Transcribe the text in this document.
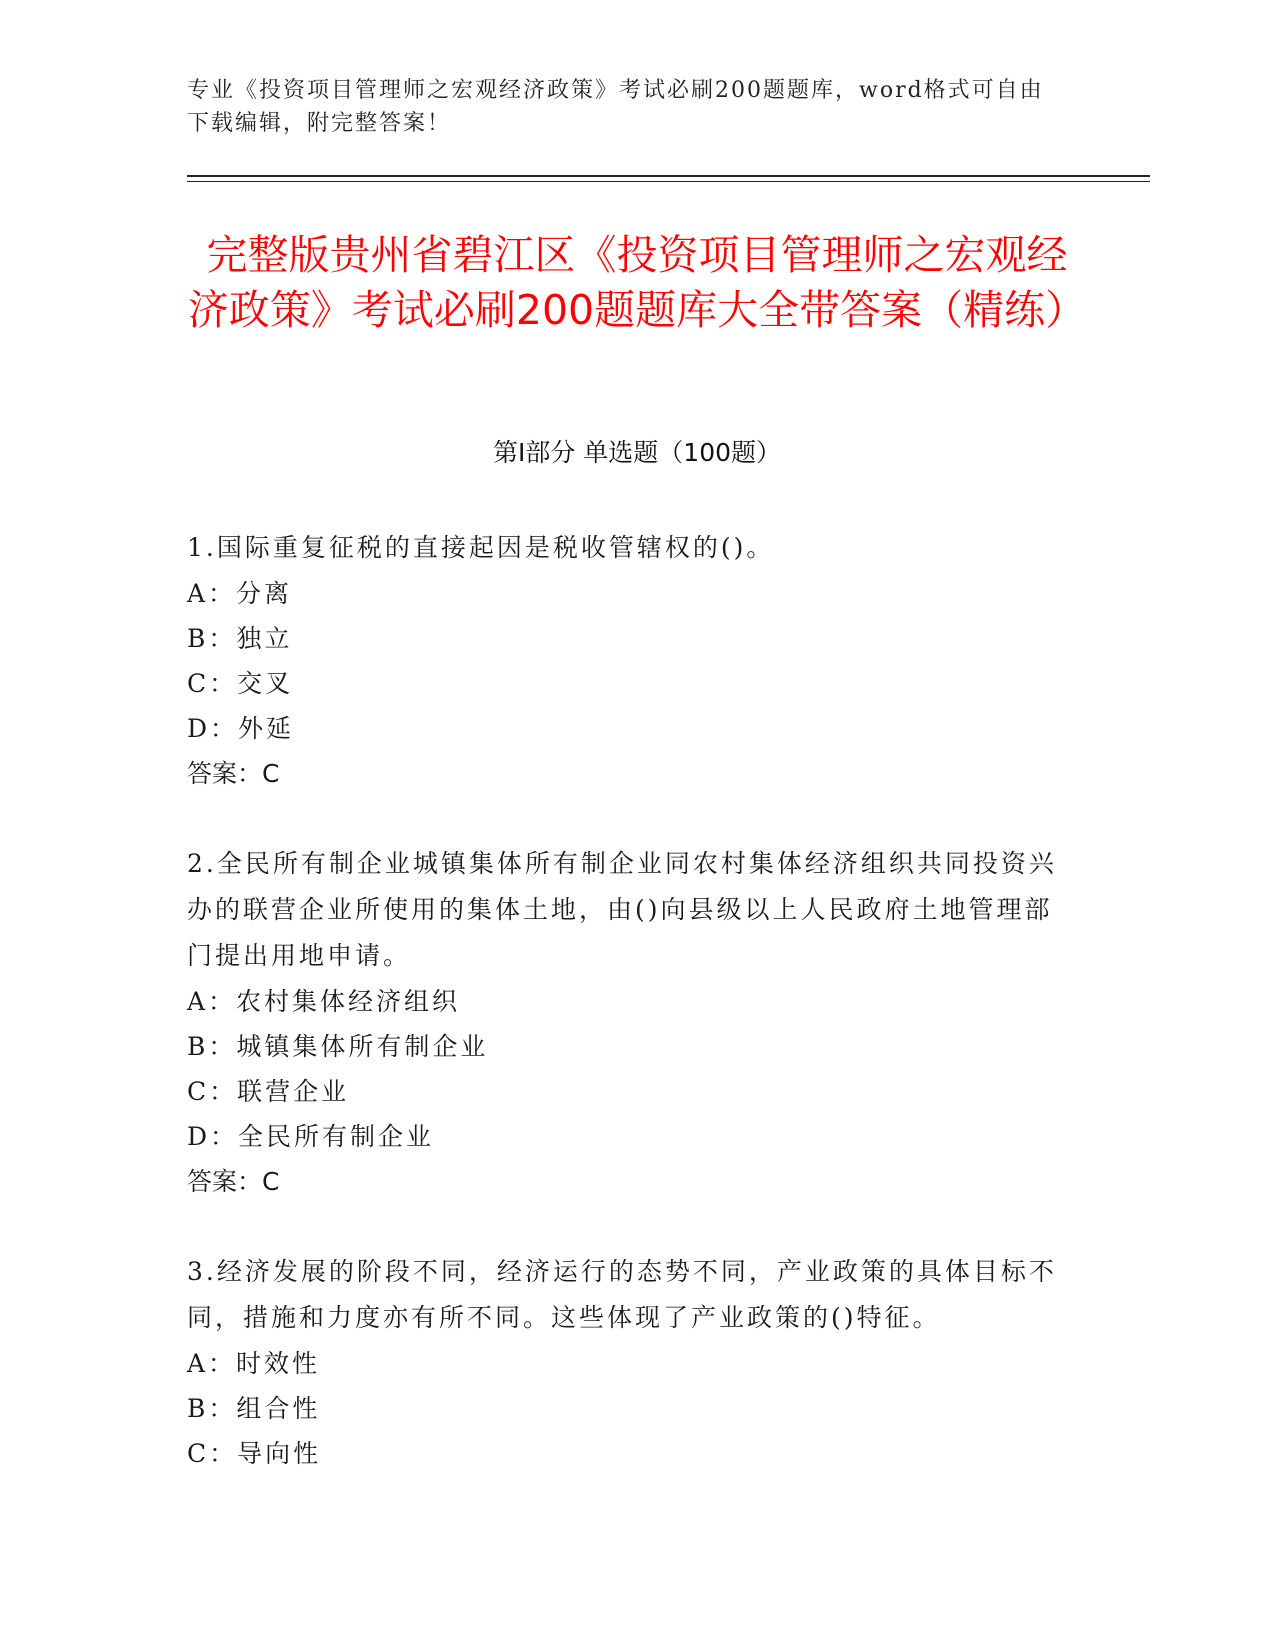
专业《投资项目管理师之宏观经济政策》考试必刷200题题库，word格式可自由下载编辑，附完整答案！
完整版贵州省碧江区《投资项目管理师之宏观经济政策》考试必刷200题题库大全带答案（精练）
第Ⅰ部分 单选题（100题）

1.国际重复征税的直接起因是税收管辖权的()。

A：分离

B：独立

C：交叉

D：外延

答案：C

2.全民所有制企业城镇集体所有制企业同农村集体经济组织共同投资兴办的联营企业所使用的集体土地，由()向县级以上人民政府土地管理部门提出用地申请。

A：农村集体经济组织

B：城镇集体所有制企业

C：联营企业

D：全民所有制企业

答案：C

3.经济发展的阶段不同，经济运行的态势不同，产业政策的具体目标不同，措施和力度亦有所不同。这些体现了产业政策的()特征。

A：时效性

B：组合性

C：导向性
